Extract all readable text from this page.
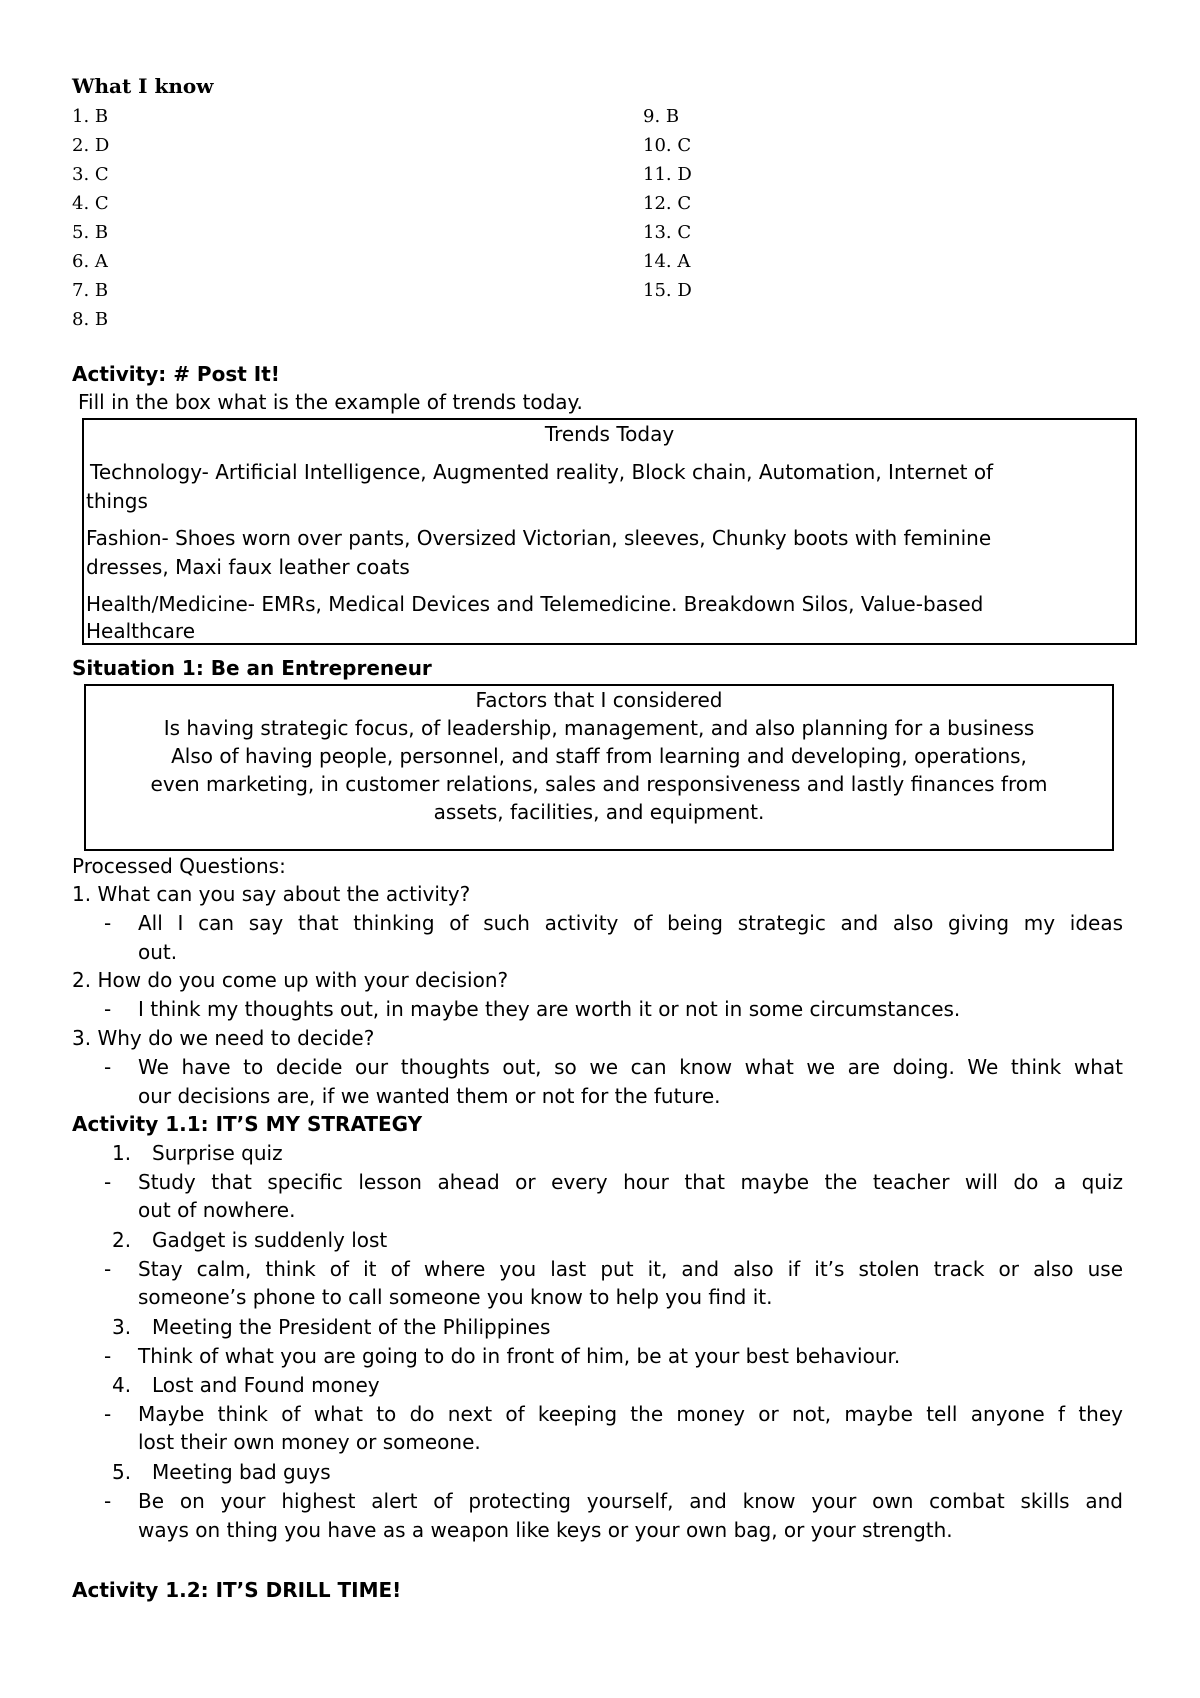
What I know
1. B
2. D
3. C
4. C
5. B
6. A
7. B
8. B
9. B
10. C
11. D
12. C
13. C
14. A
15. D
Activity: # Post It!
Fill in the box what is the example of trends today.
Trends Today
Technology- Artificial Intelligence, Augmented reality, Block chain, Automation, Internet of
things
Fashion- Shoes worn over pants, Oversized Victorian, sleeves, Chunky boots with feminine
dresses, Maxi faux leather coats
Health/Medicine- EMRs, Medical Devices and Telemedicine. Breakdown Silos, Value-based
Healthcare
Situation 1: Be an Entrepreneur
Factors that I considered
Is having strategic focus, of leadership, management, and also planning for a business
Also of having people, personnel, and staff from learning and developing, operations,
even marketing, in customer relations, sales and responsiveness and lastly finances from
assets, facilities, and equipment.
Processed Questions:
1. What can you say about the activity?
- All I can say that thinking of such activity of being strategic and also giving my ideas
out.
2. How do you come up with your decision?
- I think my thoughts out, in maybe they are worth it or not in some circumstances.
3. Why do we need to decide?
- We have to decide our thoughts out, so we can know what we are doing. We think what
our decisions are, if we wanted them or not for the future.
Activity 1.1: IT’S MY STRATEGY
1. Surprise quiz
- Study that specific lesson ahead or every hour that maybe the teacher will do a quiz
out of nowhere.
2. Gadget is suddenly lost
- Stay calm, think of it of where you last put it, and also if it’s stolen track or also use
someone’s phone to call someone you know to help you find it.
3. Meeting the President of the Philippines
- Think of what you are going to do in front of him, be at your best behaviour.
4. Lost and Found money
- Maybe think of what to do next of keeping the money or not, maybe tell anyone f they
lost their own money or someone.
5. Meeting bad guys
- Be on your highest alert of protecting yourself, and know your own combat skills and
ways on thing you have as a weapon like keys or your own bag, or your strength.
Activity 1.2: IT’S DRILL TIME!
